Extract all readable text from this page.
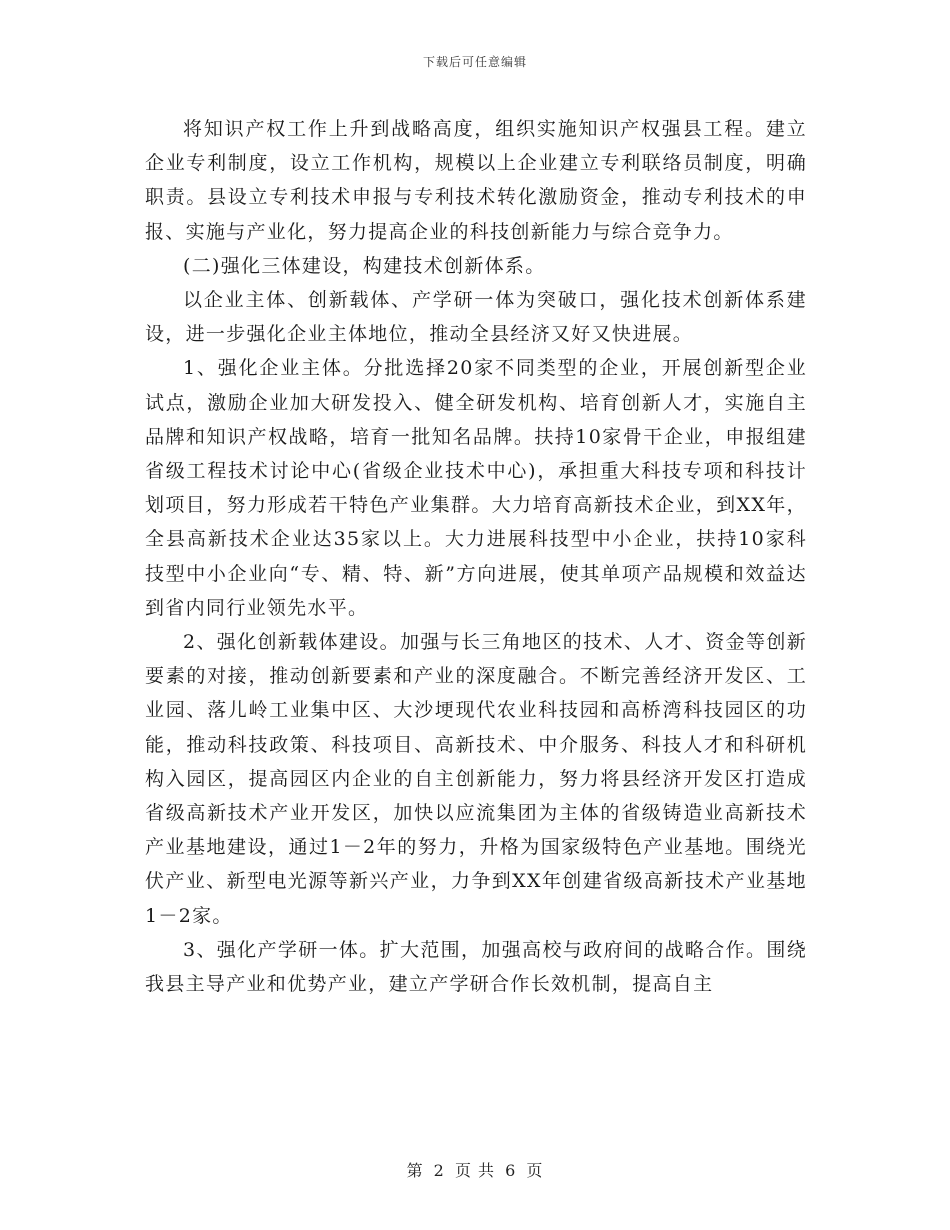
下载后可任意编辑

将知识产权工作上升到战略高度，组织实施知识产权强县工程。建立企业专利制度，设立工作机构，规模以上企业建立专利联络员制度，明确职责。县设立专利技术申报与专利技术转化激励资金，推动专利技术的申报、实施与产业化，努力提高企业的科技创新能力与综合竞争力。

(二)强化三体建设，构建技术创新体系。

以企业主体、创新载体、产学研一体为突破口，强化技术创新体系建设，进一步强化企业主体地位，推动全县经济又好又快进展。

1、强化企业主体。分批选择20家不同类型的企业，开展创新型企业试点，激励企业加大研发投入、健全研发机构、培育创新人才，实施自主品牌和知识产权战略，培育一批知名品牌。扶持10家骨干企业，申报组建省级工程技术讨论中心(省级企业技术中心)，承担重大科技专项和科技计划项目，努力形成若干特色产业集群。大力培育高新技术企业，到XX年，全县高新技术企业达35家以上。大力进展科技型中小企业，扶持10家科技型中小企业向“专、精、特、新”方向进展，使其单项产品规模和效益达到省内同行业领先水平。

2、强化创新载体建设。加强与长三角地区的技术、人才、资金等创新要素的对接，推动创新要素和产业的深度融合。不断完善经济开发区、工业园、落儿岭工业集中区、大沙埂现代农业科技园和高桥湾科技园区的功能，推动科技政策、科技项目、高新技术、中介服务、科技人才和科研机构入园区，提高园区内企业的自主创新能力，努力将县经济开发区打造成省级高新技术产业开发区，加快以应流集团为主体的省级铸造业高新技术产业基地建设，通过1－2年的努力，升格为国家级特色产业基地。围绕光伏产业、新型电光源等新兴产业，力争到XX年创建省级高新技术产业基地1－2家。

3、强化产学研一体。扩大范围，加强高校与政府间的战略合作。围绕我县主导产业和优势产业，建立产学研合作长效机制，提高自主

第 2 页 共 6 页
